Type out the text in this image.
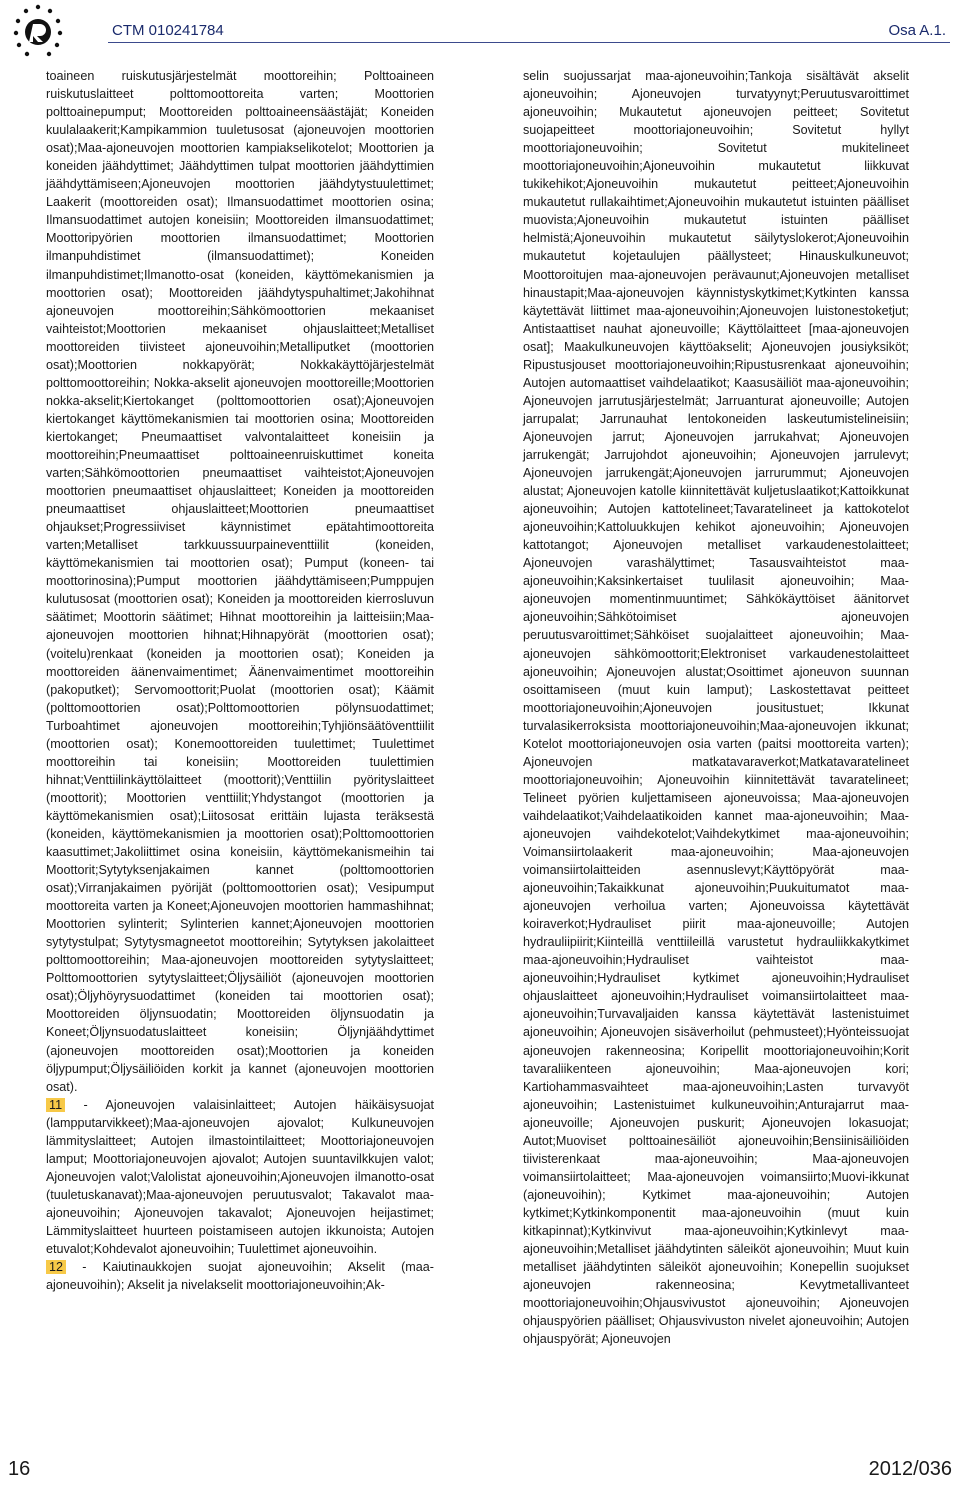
CTM 010241784	Osa A.1.

toaineen ruiskutusjärjestelmät moottoreihin; Polttoaineen ruiskutuslaitteet polttomoottoreita varten; Moottorien polttoainepumput; Moottoreiden polttoaineensäästäjät; Koneiden kuulalaakerit;Kampikammion tuuletusosat (ajoneuvojen moottorien osat);Maa-ajoneuvojen moottorien kampiakselikotelot; Moottorien ja koneiden jäähdyttimet; Jäähdyttimen tulpat moottorien jäähdyttimien jäähdyttämiseen;Ajoneuvojen moottorien jäähdytystuulettimet; Laakerit (moottoreiden osat); Ilmansuodattimet moottorien osina; Ilmansuodattimet autojen koneisiin; Moottoreiden ilmansuodattimet; Moottoripyörien moottorien ilmansuodattimet; Moottorien ilmanpuhdistimet (ilmansuodattimet); Koneiden ilmanpuhdistimet;Ilmanotto-osat (koneiden, käyttömekanismien ja moottorien osat); Moottoreiden jäähdytyspuhaltimet;Jakohihnat ajoneuvojen moottoreihin;Sähkömoottorien mekaaniset vaihteistot;Moottorien mekaaniset ohjauslaitteet;Metalliset moottoreiden tiivisteet ajoneuvoihin;Metalliputket (moottorien osat);Moottorien nokkapyörät; Nokkakäyttöjärjestelmät polttomoottoreihin; Nokka-akselit ajoneuvojen moottoreille;Moottorien nokka-akselit;Kiertokanget (polttomoottorien osat);Ajoneuvojen kiertokanget käyttömekanismien tai moottorien osina; Moottoreiden kiertokanget; Pneumaattiset valvontalaitteet koneisiin ja moottoreihin;Pneumaattiset polttoaineenruiskuttimet koneita varten;Sähkömoottorien pneumaattiset vaihteistot;Ajoneuvojen moottorien pneumaattiset ohjauslaitteet; Koneiden ja moottoreiden pneumaattiset ohjauslaitteet;Moottorien pneumaattiset ohjaukset;Progressiiviset käynnistimet epätahtimoottoreita varten;Metalliset tarkkuussuurpaineventtiilit (koneiden, käyttömekanismien tai moottorien osat); Pumput (koneen- tai moottorinosina);Pumput moottorien jäähdyttämiseen;Pumppujen kulutusosat (moottorien osat); Koneiden ja moottoreiden kierrosluvun säätimet; Moottorin säätimet; Hihnat moottoreihin ja laitteisiin;Maa-ajoneuvojen moottorien hihnat;Hihnapyörät (moottorien osat); (voitelu)renkaat (koneiden ja moottorien osat); Koneiden ja moottoreiden äänenvaimentimet; Äänenvaimentimet moottoreihin (pakoputket); Servomoottorit;Puolat (moottorien osat); Käämit (polttomoottorien osat);Polttomoottorien pölynsuodattimet; Turboahtimet ajoneuvojen moottoreihin;Tyhjiönsäätöventtiilit (moottorien osat); Konemoottoreiden tuulettimet; Tuulettimet moottoreihin tai koneisiin; Moottoreiden tuulettimien hihnat;Venttiilinkäyttölaitteet (moottorit);Venttiilin pyörityslaitteet (moottorit); Moottorien venttiilit;Yhdystangot (moottorien ja käyttömekanismien osat);Liitososat erittäin lujasta teräksestä (koneiden, käyttömekanismien ja moottorien osat);Polttomoottorien kaasuttimet;Jakoliittimet osina koneisiin, käyttömekanismeihin tai Moottorit;Sytytyksenjakaimen kannet (polttomoottorien osat);Virranjakaimen pyörijät (polttomoottorien osat); Vesipumput moottoreita varten ja Koneet;Ajoneuvojen moottorien hammashihnat; Moottorien sylinterit; Sylinterien kannet;Ajoneuvojen moottorien sytytystulpat; Sytytysmagneetot moottoreihin; Sytytyksen jakolaitteet polttomoottoreihin; Maa-ajoneuvojen moottoreiden sytytyslaitteet; Polttomoottorien sytytyslaitteet;Öljysäiliöt (ajoneuvojen moottorien osat);Öljyhöyrysuodattimet (koneiden tai moottorien osat); Moottoreiden öljynsuodatin; Moottoreiden öljynsuodatin ja Koneet;Öljynsuodatuslaitteet koneisiin; Öljynjäähdyttimet (ajoneuvojen moottoreiden osat);Moottorien ja koneiden öljypumput;Öljysäiliöiden korkit ja kannet (ajoneuvojen moottorien osat).

11 - Ajoneuvojen valaisinlaitteet; Autojen häikäisysuojat (lampputarvikkeet);Maa-ajoneuvojen ajovalot; Kulkuneuvojen lämmityslaitteet; Autojen ilmastointilaitteet; Moottoriajoneuvojen lamput; Moottoriajoneuvojen ajovalot; Autojen suuntavilkkujen valot; Ajoneuvojen valot;Valolistat ajoneuvoihin;Ajoneuvojen ilmanotto-osat (tuuletuskanavat);Maa-ajoneuvojen peruutusvalot; Takavalot maa-ajoneuvoihin; Ajoneuvojen takavalot; Ajoneuvojen heijastimet; Lämmityslaitteet huurteen poistamiseen autojen ikkunoista; Autojen etuvalot;Kohdevalot ajoneuvoihin; Tuulettimet ajoneuvoihin.

12 - Kaiutinaukkojen suojat ajoneuvoihin; Akselit (maa-ajoneuvoihin); Akselit ja nivelakselit moottoriajoneuvoihin;Ak-

selin suojussarjat maa-ajoneuvoihin;Tankoja sisältävät akselit ajoneuvoihin; Ajoneuvojen turvatyynyt;Peruutusvaroittimet ajoneuvoihin; Mukautetut ajoneuvojen peitteet; Sovitetut suojapeitteet moottoriajoneuvoihin; Sovitetut hyllyt moottoriajoneuvoihin; Sovitetut mukitelineet moottoriajoneuvoihin;Ajoneuvoihin mukautetut liikkuvat tukikehikot;Ajoneuvoihin mukautetut peitteet;Ajoneuvoihin mukautetut rullakaihtimet;Ajoneuvoihin mukautetut istuinten päälliset muovista;Ajoneuvoihin mukautetut istuinten päälliset helmistä;Ajoneuvoihin mukautetut säilytyslokerot;Ajoneuvoihin mukautetut kojetaulujen päällysteet; Hinauskulkuneuvot; Moottoroitujen maa-ajoneuvojen perävaunut;Ajoneuvojen metalliset hinaustapit;Maa-ajoneuvojen käynnistyskytkimet;Kytkinten kanssa käytettävät liittimet maa-ajoneuvoihin;Ajoneuvojen luistonestoketjut; Antistaattiset nauhat ajoneuvoille; Käyttölaitteet [maa-ajoneuvojen osat]; Maakulkuneuvojen käyttöakselit; Ajoneuvojen jousiyksiköt; Ripustusjouset moottoriajoneuvoihin;Ripustusrenkaat ajoneuvoihin; Autojen automaattiset vaihdelaatikot; Kaasusäiliöt maa-ajoneuvoihin; Ajoneuvojen jarrutusjärjestelmät; Jarruanturat ajoneuvoille; Autojen jarrupalat; Jarrunauhat lentokoneiden laskeutumistelineisiin; Ajoneuvojen jarrut; Ajoneuvojen jarrukahvat; Ajoneuvojen jarrukengät; Jarrujohdot ajoneuvoihin; Ajoneuvojen jarrulevyt; Ajoneuvojen jarrukengät;Ajoneuvojen jarrurummut; Ajoneuvojen alustat; Ajoneuvojen katolle kiinnitettävät kuljetuslaatikot;Kattoikkunat ajoneuvoihin; Autojen kattotelineet;Tavaratelineet ja kattokotelot ajoneuvoihin;Kattoluukkujen kehikot ajoneuvoihin; Ajoneuvojen kattotangot; Ajoneuvojen metalliset varkaudenestolaitteet; Ajoneuvojen varashälyttimet; Tasausvaihteistot maa-ajoneuvoihin;Kaksinkertaiset tuulilasit ajoneuvoihin; Maa-ajoneuvojen momentinmuuntimet; Sähkökäyttöiset äänitorvet ajoneuvoihin;Sähkötoimiset ajoneuvojen peruutusvaroittimet;Sähköiset suojalaitteet ajoneuvoihin; Maa-ajoneuvojen sähkömoottorit;Elektroniset varkaudenestolaitteet ajoneuvoihin; Ajoneuvojen alustat;Osoittimet ajoneuvon suunnan osoittamiseen (muut kuin lamput); Laskostettavat peitteet moottoriajoneuvoihin;Ajoneuvojen jousitustuet; Ikkunat turvalasikerroksista moottoriajoneuvoihin;Maa-ajoneuvojen ikkunat; Kotelot moottoriajoneuvojen osia varten (paitsi moottoreita varten); Ajoneuvojen matkatavaraverkot;Matkatavaratelineet moottoriajoneuvoihin; Ajoneuvoihin kiinnitettävät tavaratelineet; Telineet pyörien kuljettamiseen ajoneuvoissa; Maa-ajoneuvojen vaihdelaatikot;Vaihdelaatikoiden kannet maa-ajoneuvoihin; Maa-ajoneuvojen vaihdekotelot;Vaihdekytkimet maa-ajoneuvoihin; Voimansiirtolaakerit maa-ajoneuvoihin; Maa-ajoneuvojen voimansiirtolaitteiden asennuslevyt;Käyttöpyörät maa-ajoneuvoihin;Takaikkunat ajoneuvoihin;Puukuitumatot maa-ajoneuvojen verhoilua varten; Ajoneuvoissa käytettävät koiraverkot;Hydrauliset piirit maa-ajoneuvoille; Autojen hydrauliipiirit;Kiinteillä venttiileillä varustetut hydrauliikkakytkimet maa-ajoneuvoihin;Hydrauliset vaihteistot maa-ajoneuvoihin;Hydrauliset kytkimet ajoneuvoihin;Hydrauliset ohjauslaitteet ajoneuvoihin;Hydrauliset voimansiirtolaitteet maa-ajoneuvoihin;Turvavaljaiden kanssa käytettävät lastenistuimet ajoneuvoihin; Ajoneuvojen sisäverhoilut (pehmusteet);Hyönteissuojat ajoneuvojen rakenneosina; Koripellit moottoriajoneuvoihin;Korit tavaraliikenteen ajoneuvoihin; Maa-ajoneuvojen kori; Kartiohammasvaihteet maa-ajoneuvoihin;Lasten turvavyöt ajoneuvoihin; Lastenistuimet kulkuneuvoihin;Anturajarrut maa-ajoneuvoille; Ajoneuvojen puskurit; Ajoneuvojen lokasuojat; Autot;Muoviset polttoainesäiliöt ajoneuvoihin;Bensiinisäiliöiden tiivisterenkaat maa-ajoneuvoihin; Maa-ajoneuvojen voimansiirtolaitteet; Maa-ajoneuvojen voimansiirto;Muovi-ikkunat (ajoneuvoihin); Kytkimet maa-ajoneuvoihin; Autojen kytkimet;Kytkinkomponentit maa-ajoneuvoihin (muut kuin kitkapinnat);Kytkinvivut maa-ajoneuvoihin;Kytkinlevyt maa-ajoneuvoihin;Metalliset jäähdytinten säleiköt ajoneuvoihin; Muut kuin metalliset jäähdytinten säleiköt ajoneuvoihin; Konepellin suojukset ajoneuvojen rakenneosina; Kevytmetallivanteet moottoriajoneuvoihin;Ohjausvivustot ajoneuvoihin; Ajoneuvojen ohjauspyörien päälliset; Ohjausvivuston nivelet ajoneuvoihin; Autojen ohjauspyörät; Ajoneuvojen

16	2012/036
